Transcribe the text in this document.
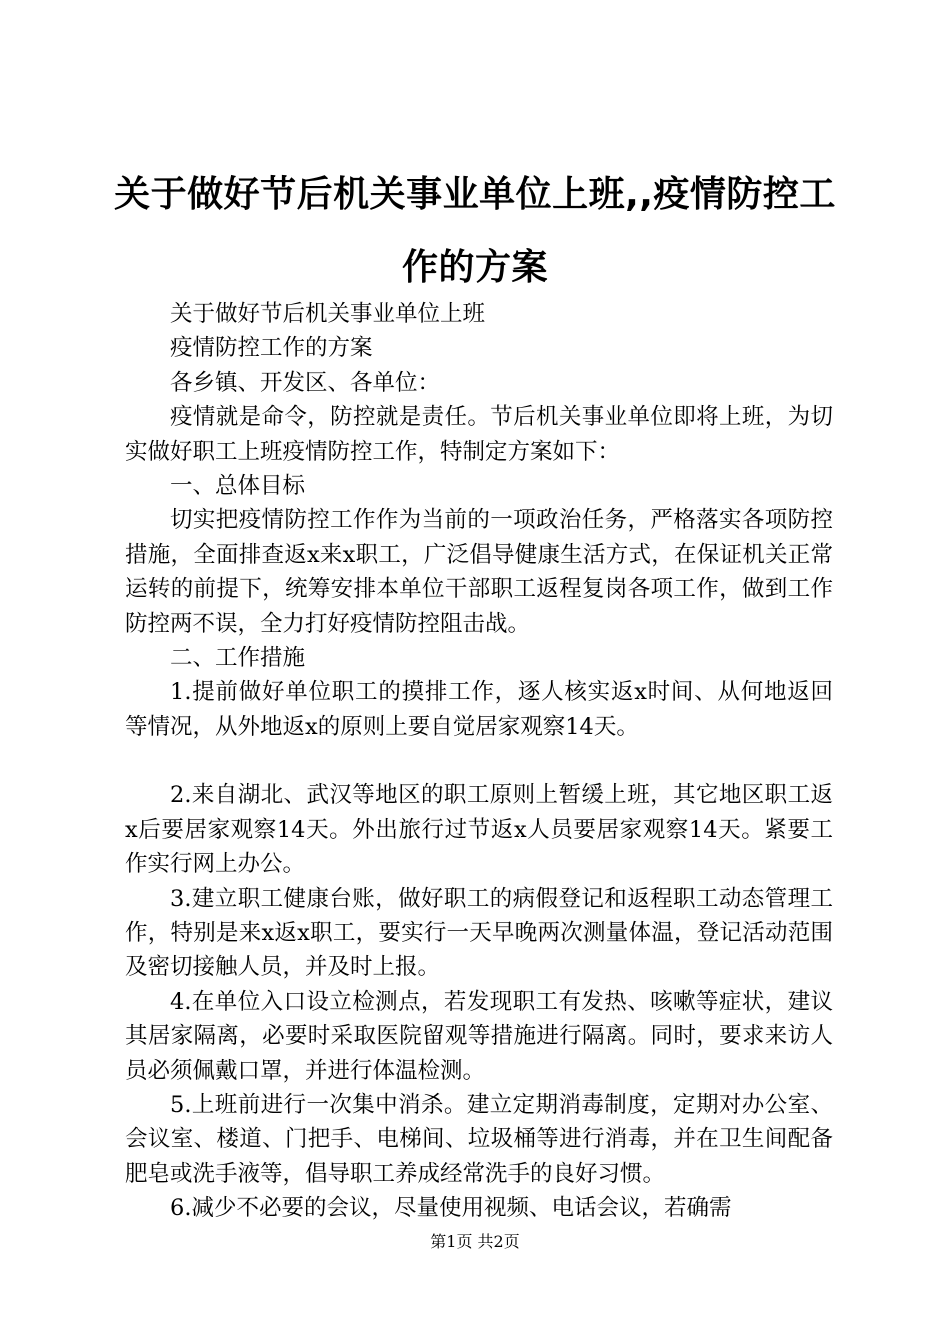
关于做好节后机关事业单位上班,,疫情防控工作的方案

关于做好节后机关事业单位上班

疫情防控工作的方案

各乡镇、开发区、各单位：

疫情就是命令，防控就是责任。节后机关事业单位即将上班，为切实做好职工上班疫情防控工作，特制定方案如下：

一、总体目标

切实把疫情防控工作作为当前的一项政治任务，严格落实各项防控措施，全面排查返x来x职工，广泛倡导健康生活方式，在保证机关正常运转的前提下，统筹安排本单位干部职工返程复岗各项工作，做到工作防控两不误，全力打好疫情防控阻击战。

二、工作措施

1.提前做好单位职工的摸排工作，逐人核实返x时间、从何地返回等情况，从外地返x的原则上要自觉居家观察14天。

2.来自湖北、武汉等地区的职工原则上暂缓上班，其它地区职工返x后要居家观察14天。外出旅行过节返x人员要居家观察14天。紧要工作实行网上办公。

3.建立职工健康台账，做好职工的病假登记和返程职工动态管理工作，特别是来x返x职工，要实行一天早晚两次测量体温，登记活动范围及密切接触人员，并及时上报。

4.在单位入口设立检测点，若发现职工有发热、咳嗽等症状，建议其居家隔离，必要时采取医院留观等措施进行隔离。同时，要求来访人员必须佩戴口罩，并进行体温检测。

5.上班前进行一次集中消杀。建立定期消毒制度，定期对办公室、会议室、楼道、门把手、电梯间、垃圾桶等进行消毒，并在卫生间配备肥皂或洗手液等，倡导职工养成经常洗手的良好习惯。

6.减少不必要的会议，尽量使用视频、电话会议，若确需

第1页 共2页
